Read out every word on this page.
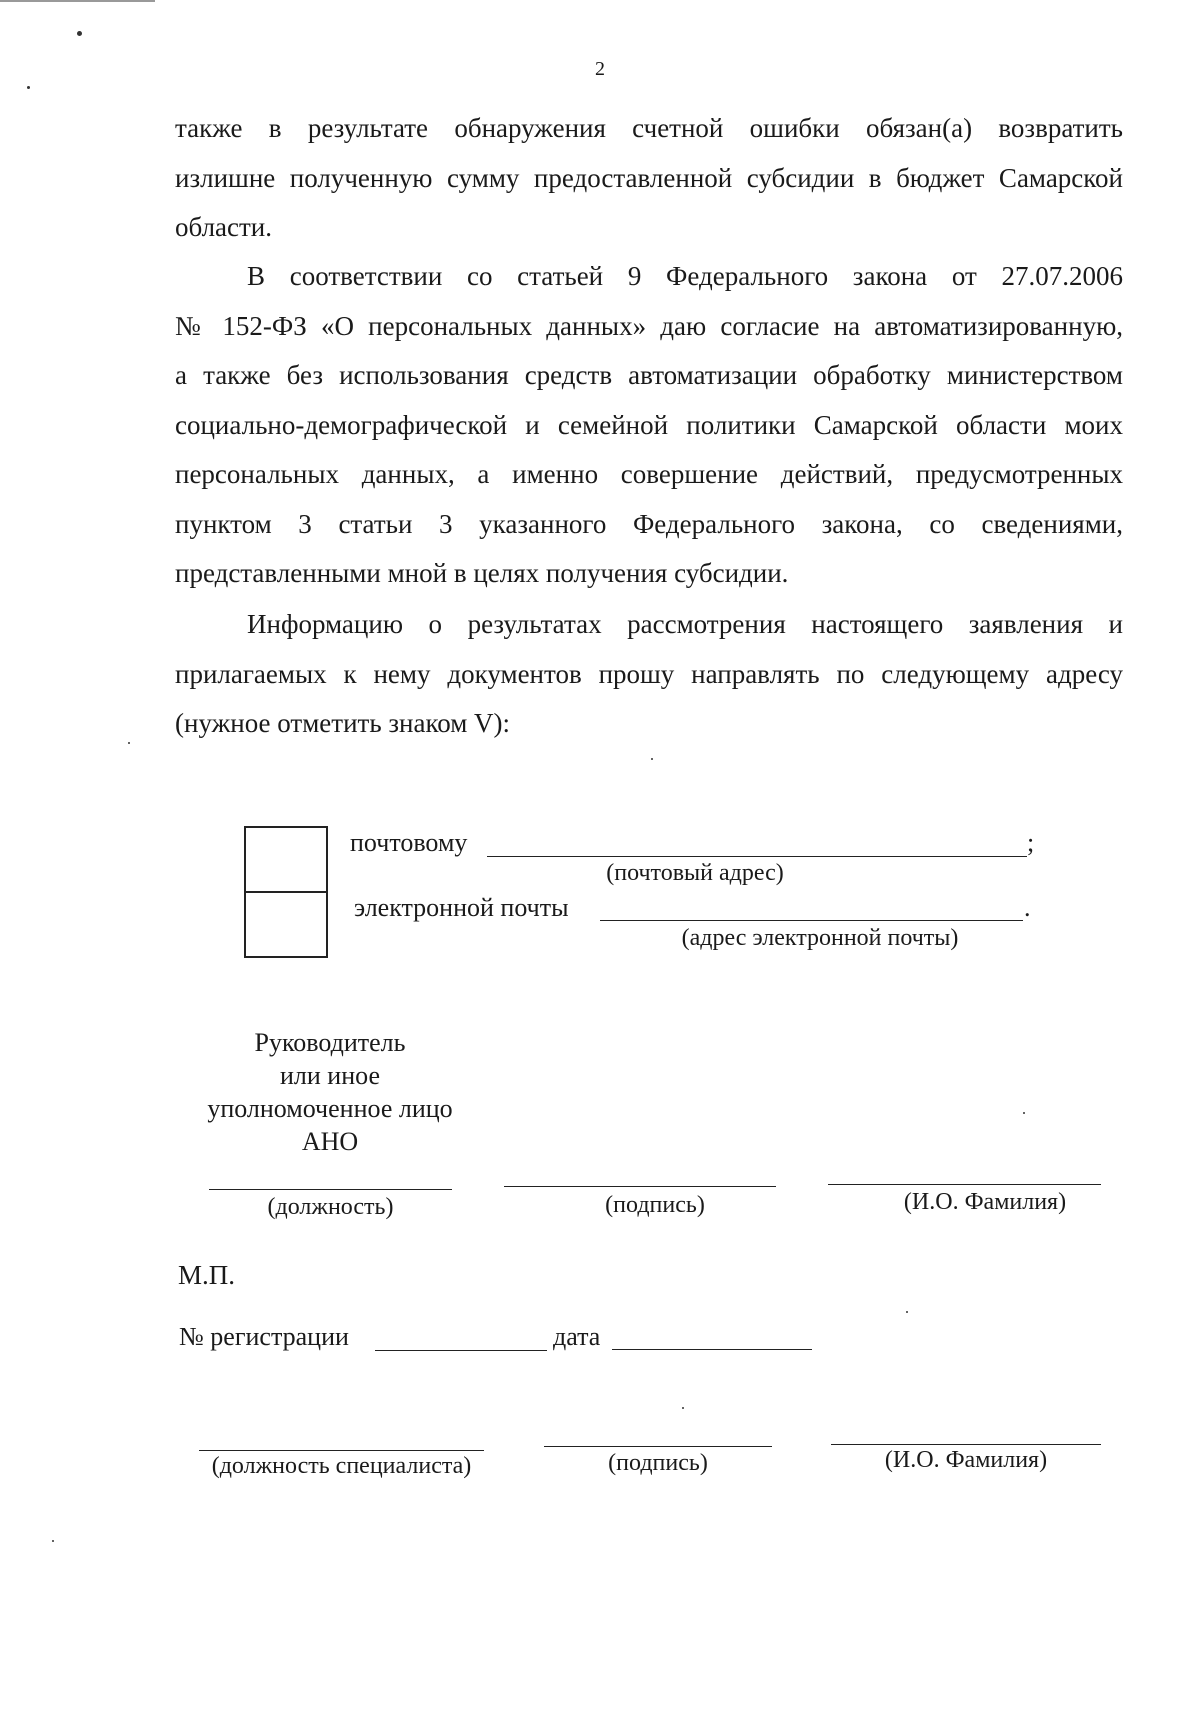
2
также в результате обнаружения счетной ошибки обязан(а) возвратить
излишне полученную сумму предоставленной субсидии в бюджет Самарской
области.
В соответствии со статьей 9 Федерального закона от 27.07.2006
№ 152-ФЗ «О персональных данных» даю согласие на автоматизированную,
а также без использования средств автоматизации обработку министерством
социально-демографической и семейной политики Самарской области моих
персональных данных, а именно совершение действий, предусмотренных
пунктом 3 статьи 3 указанного Федерального закона, со сведениями,
представленными мной в целях получения субсидии.
Информацию о результатах рассмотрения настоящего заявления и
прилагаемых к нему документов прошу направлять по следующему адресу
(нужное отметить знаком V):
почтовому	;
(почтовый адрес)
электронной почты	.
(адрес электронной почты)
Руководитель
или иное
уполномоченное лицо
АНО
(должность)	(подпись)	(И.О. Фамилия)
М.П.
№ регистрации	дата
(должность специалиста)	(подпись)	(И.О. Фамилия)
